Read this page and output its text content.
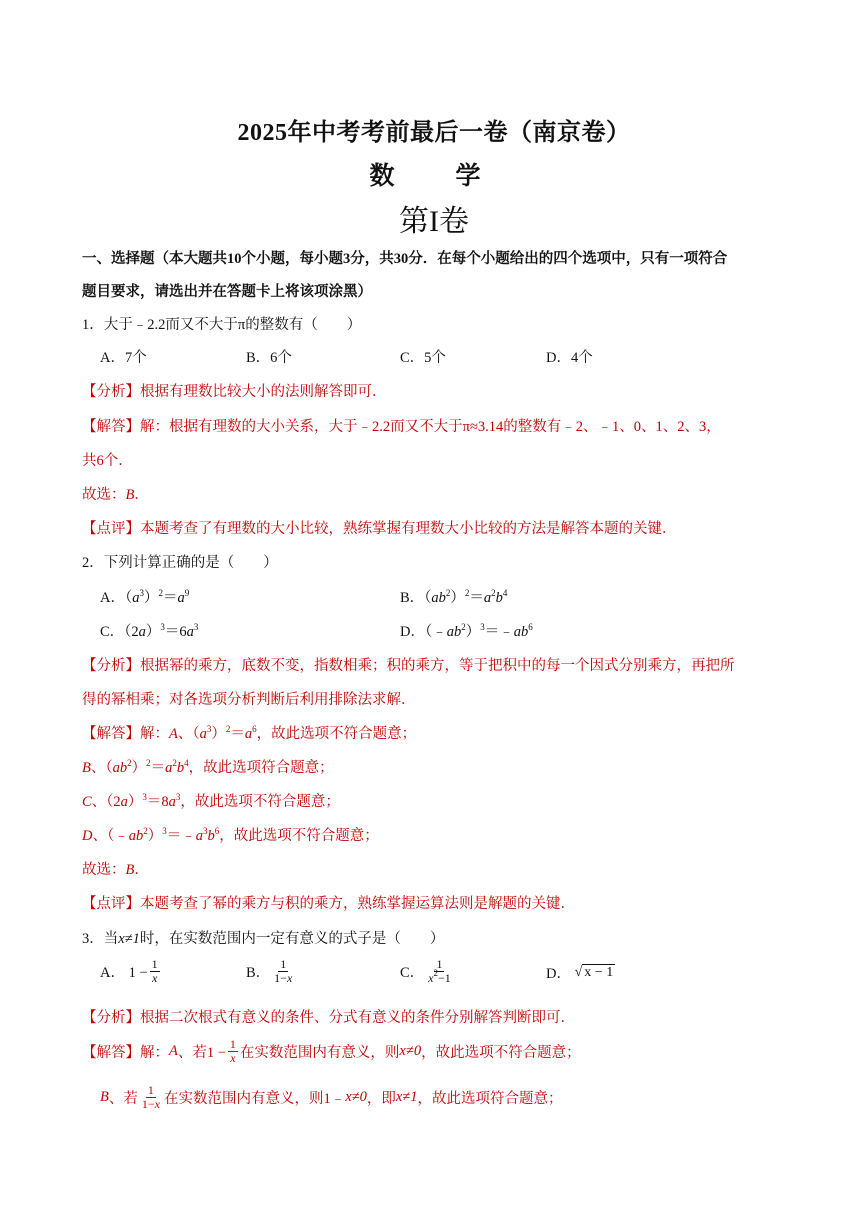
2025年中考考前最后一卷（南京卷）
数　学
第I卷
一、选择题（本大题共10个小题，每小题3分，共30分．在每个小题给出的四个选项中，只有一项符合
题目要求，请选出并在答题卡上将该项涂黑）
1．大于﹣2.2而又不大于π的整数有（　　）
A．7个	B．6个	C．5个	D．4个
【分析】根据有理数比较大小的法则解答即可．
【解答】解：根据有理数的大小关系，大于﹣2.2而又不大于π≈3.14的整数有﹣2、﹣1、0、1、2、3，
共6个．
故选：B．
【点评】本题考查了有理数的大小比较，熟练掌握有理数大小比较的方法是解答本题的关键．
2．下列计算正确的是（　　）
A．$(a^3)^2=a^9$	B．$(ab^2)^2=a^2b^4$
C．$(2a)^3=6a^3$	D．$(﹣ab^2)^3=﹣ab^6$
【分析】根据幂的乘方，底数不变，指数相乘；积的乘方，等于把积中的每一个因式分别乘方，再把所
得的幂相乘；对各选项分析判断后利用排除法求解．
【解答】解：A、$(a^3)^2=a^6$，故此选项不符合题意；
B、$(ab^2)^2=a^2b^4$，故此选项符合题意；
C、$(2a)^3=8a^3$，故此选项不符合题意；
D、$(﹣ab^2)^3=﹣a^3b^6$，故此选项不符合题意；
故选：B．
【点评】本题考查了幂的乘方与积的乘方，熟练掌握运算法则是解题的关键．
3．当x≠1时，在实数范围内一定有意义的式子是（　　）
A． $1 - \frac{1}{x}$	B． $\frac{1}{1-x}$	C． $\frac{1}{x^2-1}$	D． √ x − 1
【分析】根据二次根式有意义的条件、分式有意义的条件分别解答判断即可．
【解答】解： A 、若$1 - \frac{1}{x}$ 在实数范围内有意义，则 x≠0 ，故此选项不符合题意；
B 、若 $\frac{1}{1-x}$ 在实数范围内有意义，则1﹣ x≠0 ，即 x≠1 ，故此选项符合题意；
